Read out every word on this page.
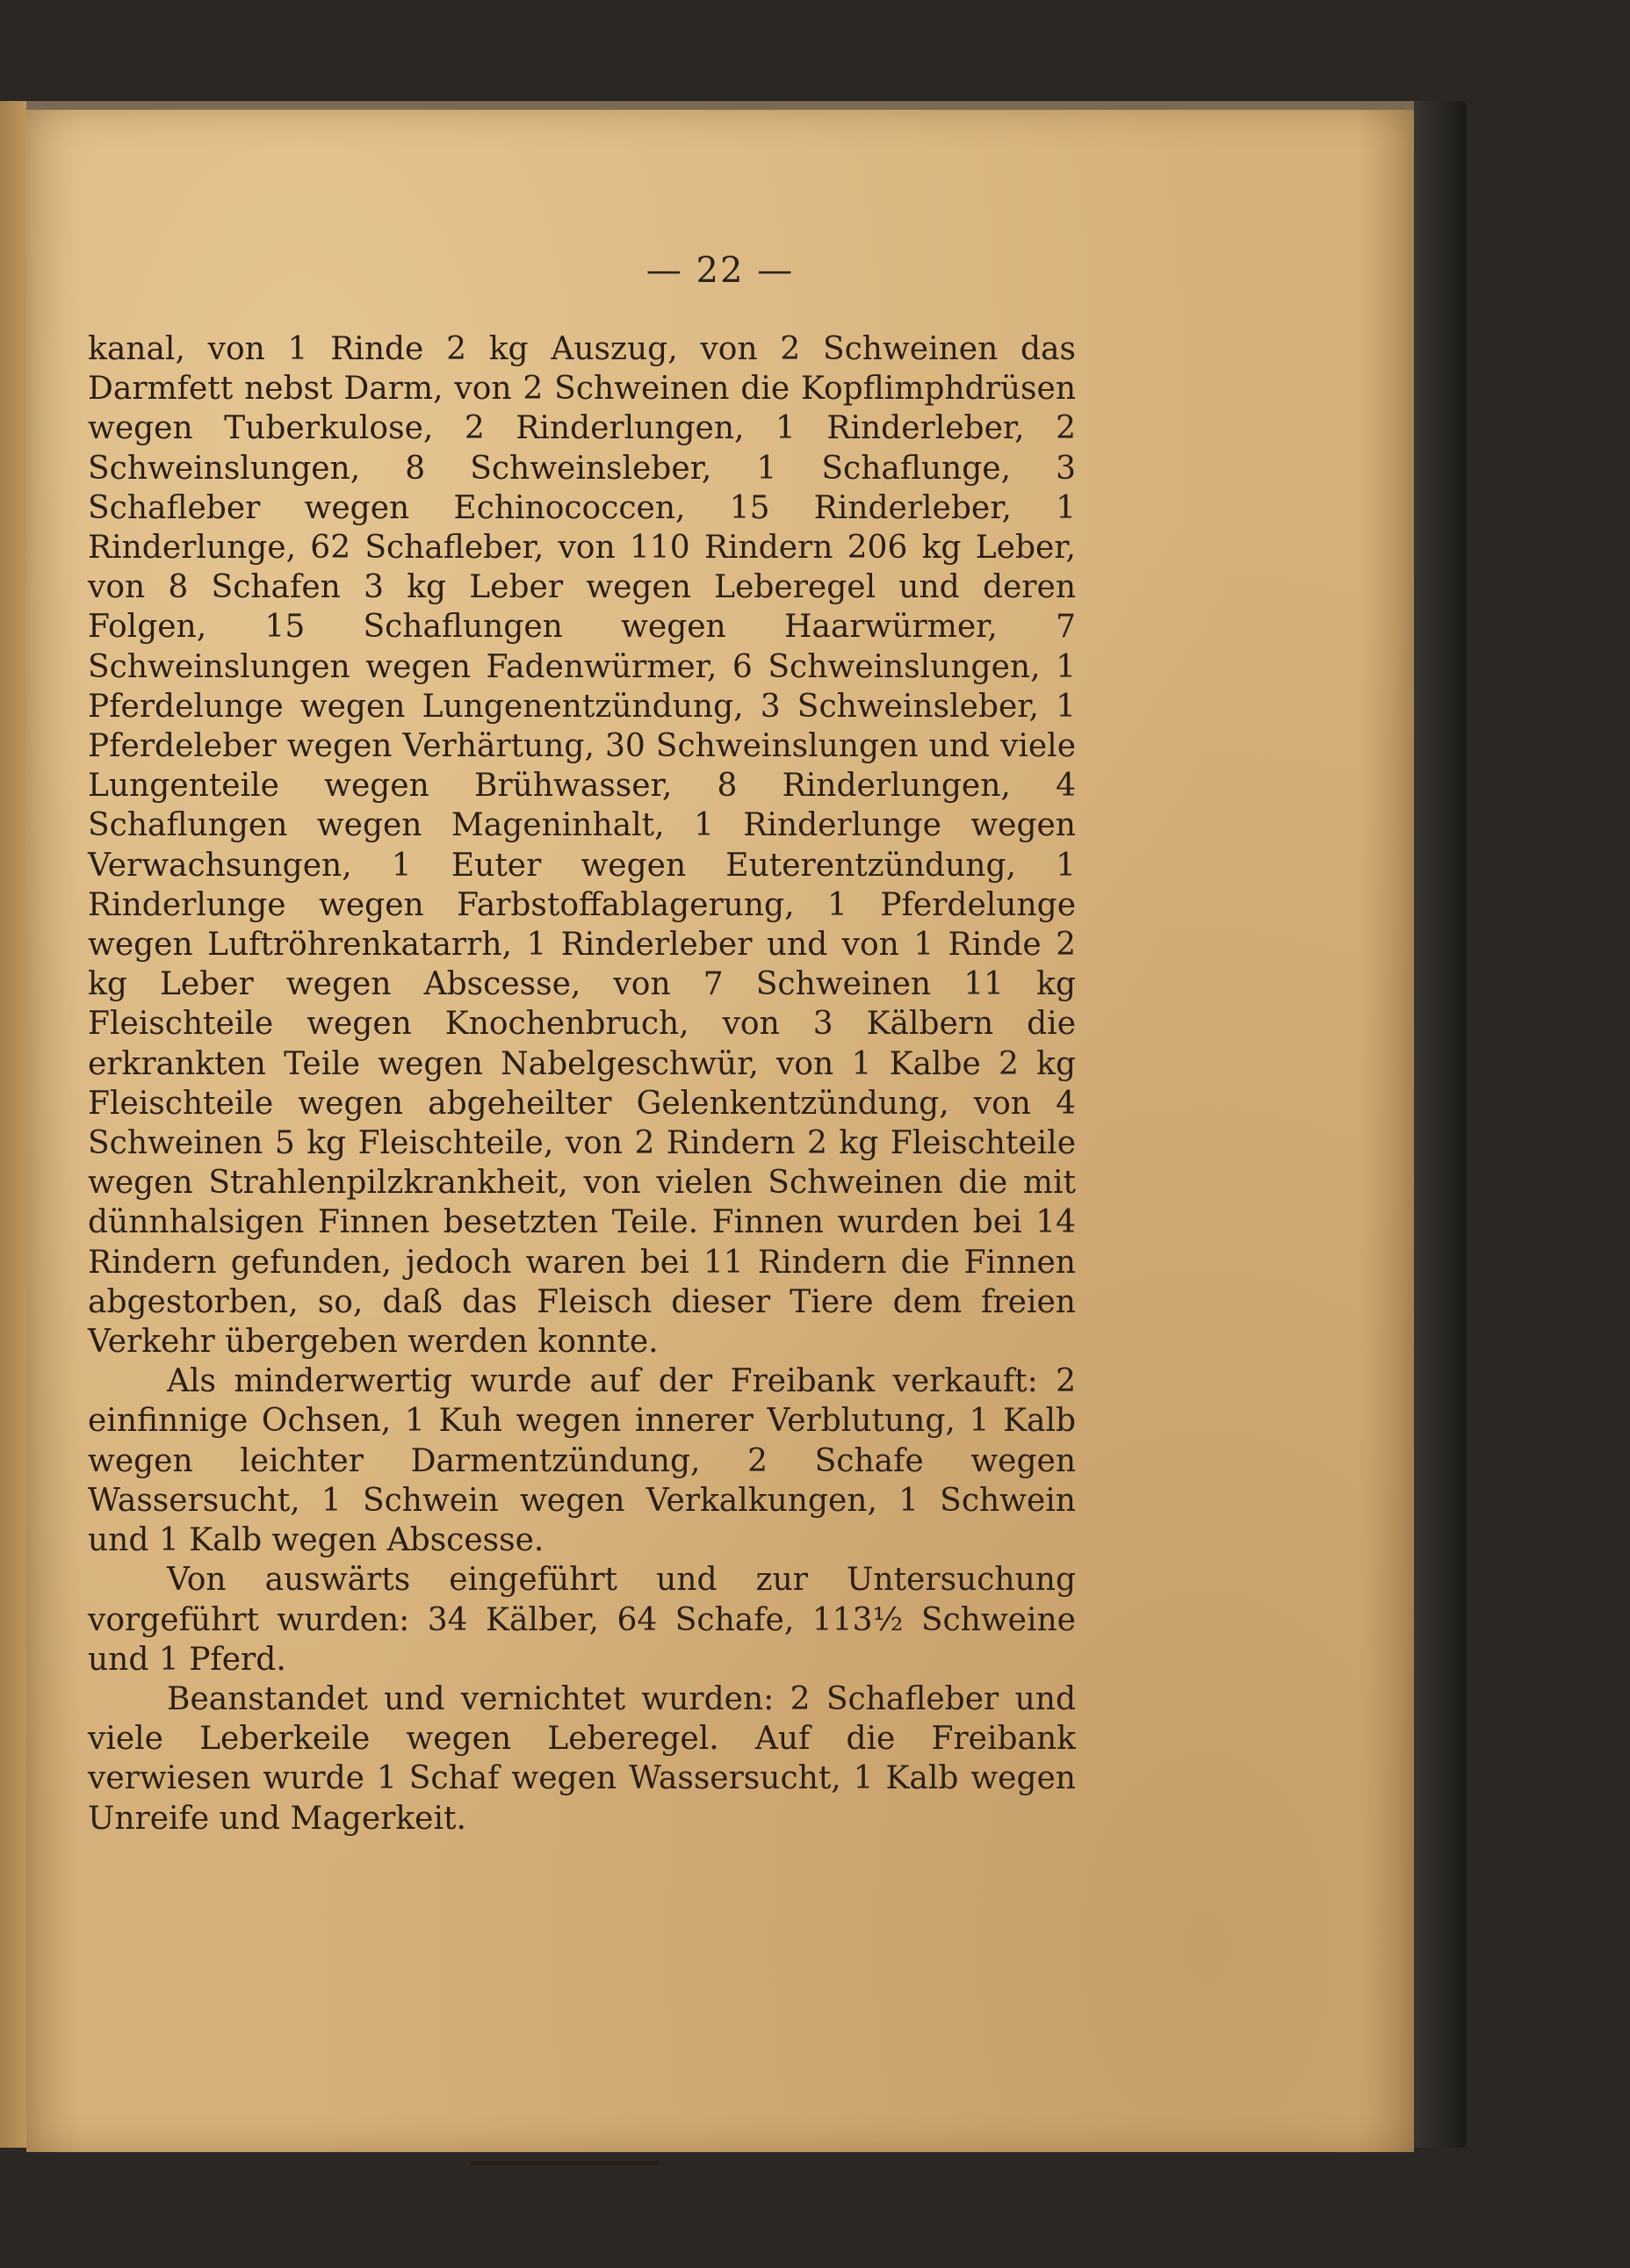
— 22 —

kanal, von 1 Rinde 2 kg Auszug, von 2 Schweinen das Darmfett nebst Darm, von 2 Schweinen die Kopflimphdrüsen wegen Tuberkulose, 2 Rinderlungen, 1 Rinderleber, 2 Schweinslungen, 8 Schweinsleber, 1 Schaflunge, 3 Schafleber wegen Echinococcen, 15 Rinderleber, 1 Rinderlunge, 62 Schafleber, von 110 Rindern 206 kg Leber, von 8 Schafen 3 kg Leber wegen Leberegel und deren Folgen, 15 Schaflungen wegen Haarwürmer, 7 Schweinslungen wegen Fadenwürmer, 6 Schweinslungen, 1 Pferdelunge wegen Lungenentzündung, 3 Schweinsleber, 1 Pferdeleber wegen Verhärtung, 30 Schweinslungen und viele Lungenteile wegen Brühwasser, 8 Rinderlungen, 4 Schaflungen wegen Mageninhalt, 1 Rinderlunge wegen Verwachsungen, 1 Euter wegen Euterentzündung, 1 Rinderlunge wegen Farbstoffablagerung, 1 Pferdelunge wegen Luftröhrenkatarrh, 1 Rinderleber und von 1 Rinde 2 kg Leber wegen Abscesse, von 7 Schweinen 11 kg Fleischteile wegen Knochenbruch, von 3 Kälbern die erkrankten Teile wegen Nabelgeschwür, von 1 Kalbe 2 kg Fleischteile wegen abgeheilter Gelenkentzündung, von 4 Schweinen 5 kg Fleischteile, von 2 Rindern 2 kg Fleischteile wegen Strahlenpilzkrankheit, von vielen Schweinen die mit dünnhalsigen Finnen besetzten Teile. Finnen wurden bei 14 Rindern gefunden, jedoch waren bei 11 Rindern die Finnen abgestorben, so, daß das Fleisch dieser Tiere dem freien Verkehr übergeben werden konnte.

Als minderwertig wurde auf der Freibank verkauft: 2 einfinnige Ochsen, 1 Kuh wegen innerer Verblutung, 1 Kalb wegen leichter Darmentzündung, 2 Schafe wegen Wassersucht, 1 Schwein wegen Verkalkungen, 1 Schwein und 1 Kalb wegen Abscesse.

Von auswärts eingeführt und zur Untersuchung vorgeführt wurden: 34 Kälber, 64 Schafe, 113½ Schweine und 1 Pferd.

Beanstandet und vernichtet wurden: 2 Schafleber und viele Leberkeile wegen Leberegel. Auf die Freibank verwiesen wurde 1 Schaf wegen Wassersucht, 1 Kalb wegen Unreife und Magerkeit.
